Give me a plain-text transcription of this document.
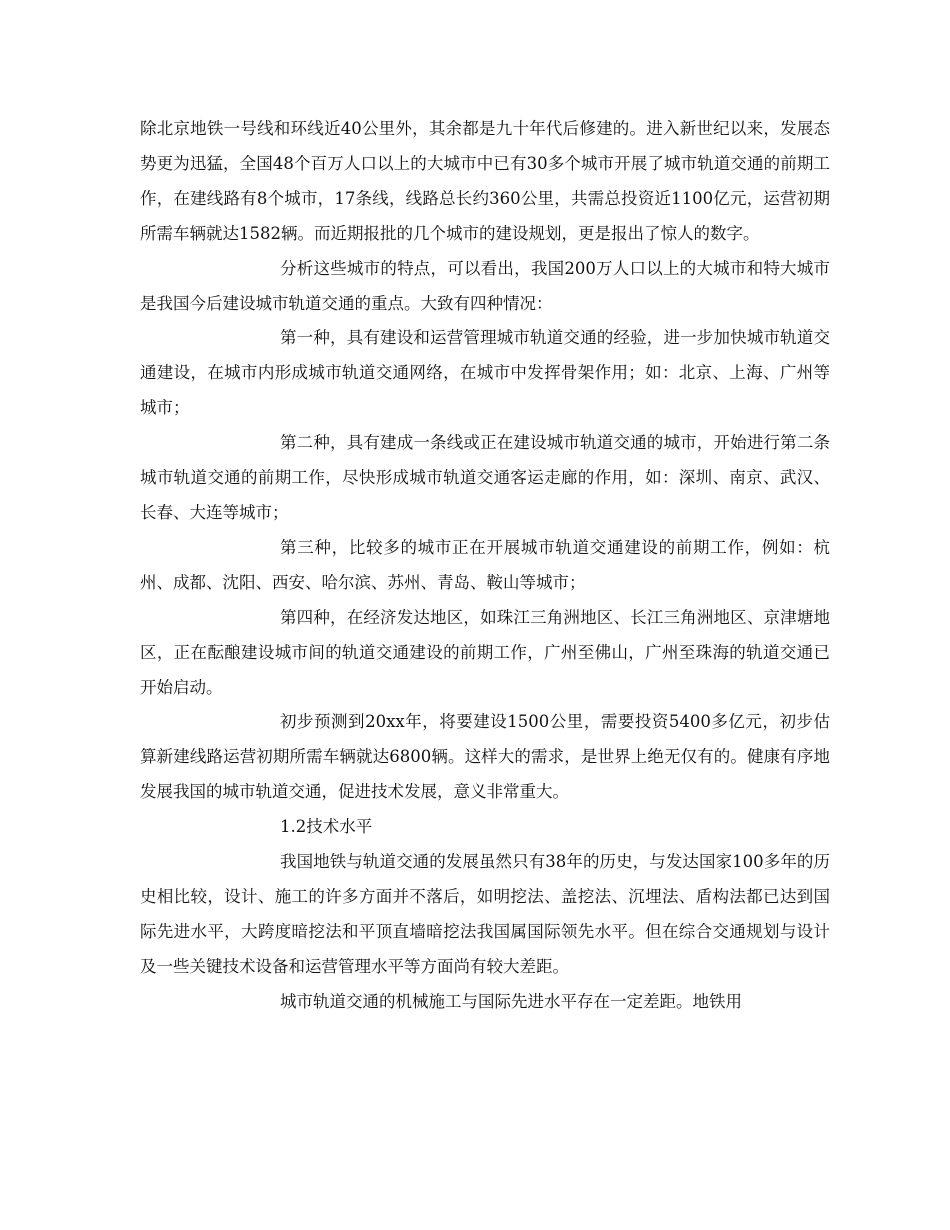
除北京地铁一号线和环线近40公里外，其余都是九十年代后修建的。进入新世纪以来，发展态势更为迅猛，全国48个百万人口以上的大城市中已有30多个城市开展了城市轨道交通的前期工作，在建线路有8个城市，17条线，线路总长约360公里，共需总投资近1100亿元，运营初期所需车辆就达1582辆。而近期报批的几个城市的建设规划，更是报出了惊人的数字。

分析这些城市的特点，可以看出，我国200万人口以上的大城市和特大城市是我国今后建设城市轨道交通的重点。大致有四种情况：

第一种，具有建设和运营管理城市轨道交通的经验，进一步加快城市轨道交通建设，在城市内形成城市轨道交通网络，在城市中发挥骨架作用；如：北京、上海、广州等城市；

第二种，具有建成一条线或正在建设城市轨道交通的城市，开始进行第二条城市轨道交通的前期工作，尽快形成城市轨道交通客运走廊的作用，如：深圳、南京、武汉、长春、大连等城市；

第三种，比较多的城市正在开展城市轨道交通建设的前期工作，例如：杭州、成都、沈阳、西安、哈尔滨、苏州、青岛、鞍山等城市；

第四种，在经济发达地区，如珠江三角洲地区、长江三角洲地区、京津塘地区，正在酝酿建设城市间的轨道交通建设的前期工作，广州至佛山，广州至珠海的轨道交通已开始启动。

初步预测到20xx年，将要建设1500公里，需要投资5400多亿元，初步估算新建线路运营初期所需车辆就达6800辆。这样大的需求，是世界上绝无仅有的。健康有序地发展我国的城市轨道交通，促进技术发展，意义非常重大。

1.2技术水平

我国地铁与轨道交通的发展虽然只有38年的历史，与发达国家100多年的历史相比较，设计、施工的许多方面并不落后，如明挖法、盖挖法、沉埋法、盾构法都已达到国际先进水平，大跨度暗挖法和平顶直墙暗挖法我国属国际领先水平。但在综合交通规划与设计及一些关键技术设备和运营管理水平等方面尚有较大差距。

城市轨道交通的机械施工与国际先进水平存在一定差距。地铁用
